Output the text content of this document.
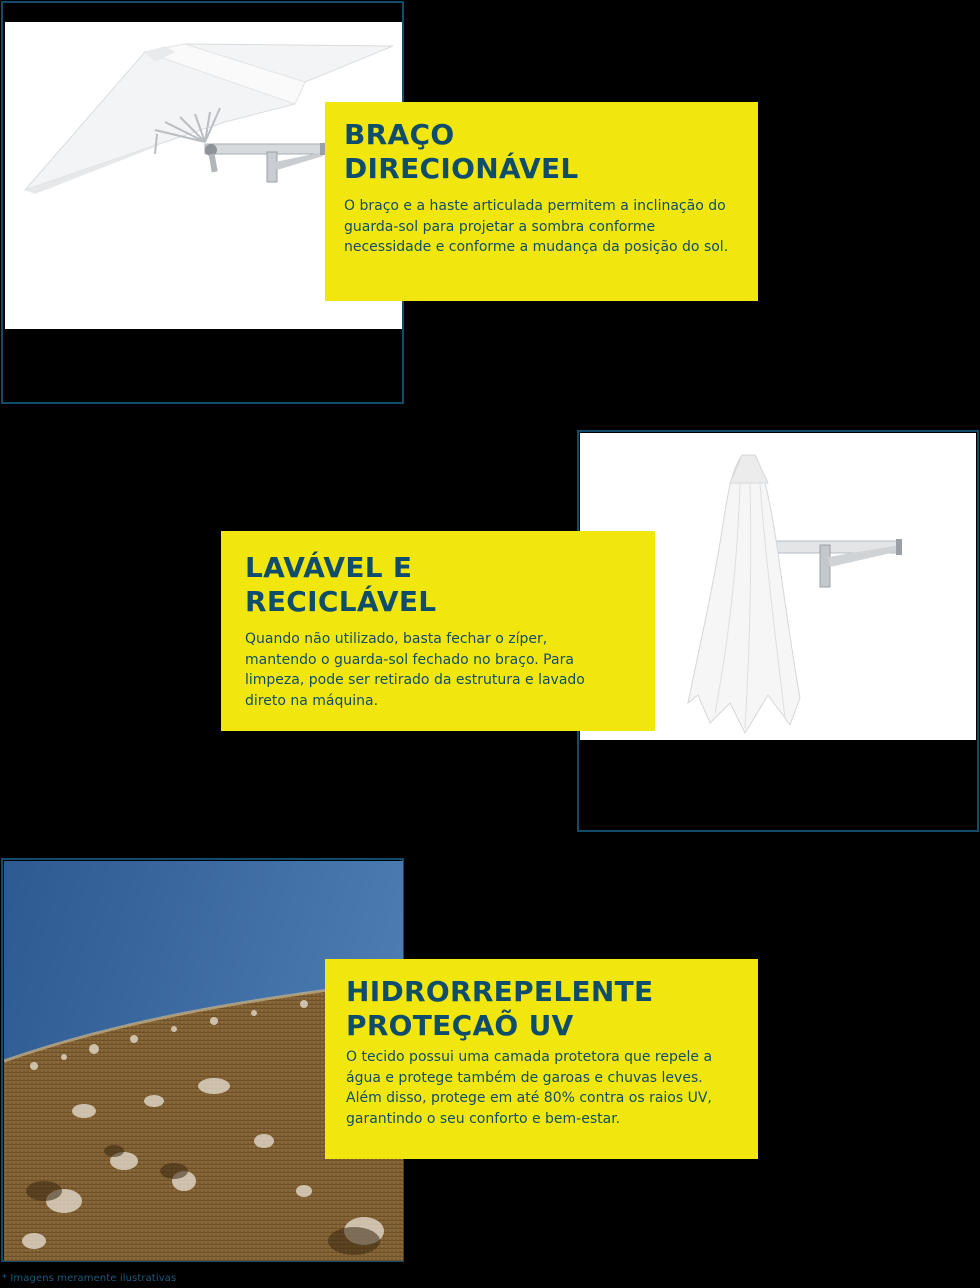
BRAÇO
DIRECIONÁVEL

O braço e a haste articulada permitem a inclinação do guarda-sol para projetar a sombra conforme necessidade e conforme a mudança da posição do sol.

LAVÁVEL E
RECICLÁVEL

Quando não utilizado, basta fechar o zíper, mantendo o guarda-sol fechado no braço. Para limpeza, pode ser retirado da estrutura e lavado direto na máquina.

HIDRORREPELENTE
PROTEÇAÕ UV

O tecido possui uma camada protetora que repele a água e protege também de garoas e chuvas leves. Além disso, protege em até 80% contra os raios UV, garantindo o seu conforto e bem-estar.

* Imagens meramente ilustrativas
